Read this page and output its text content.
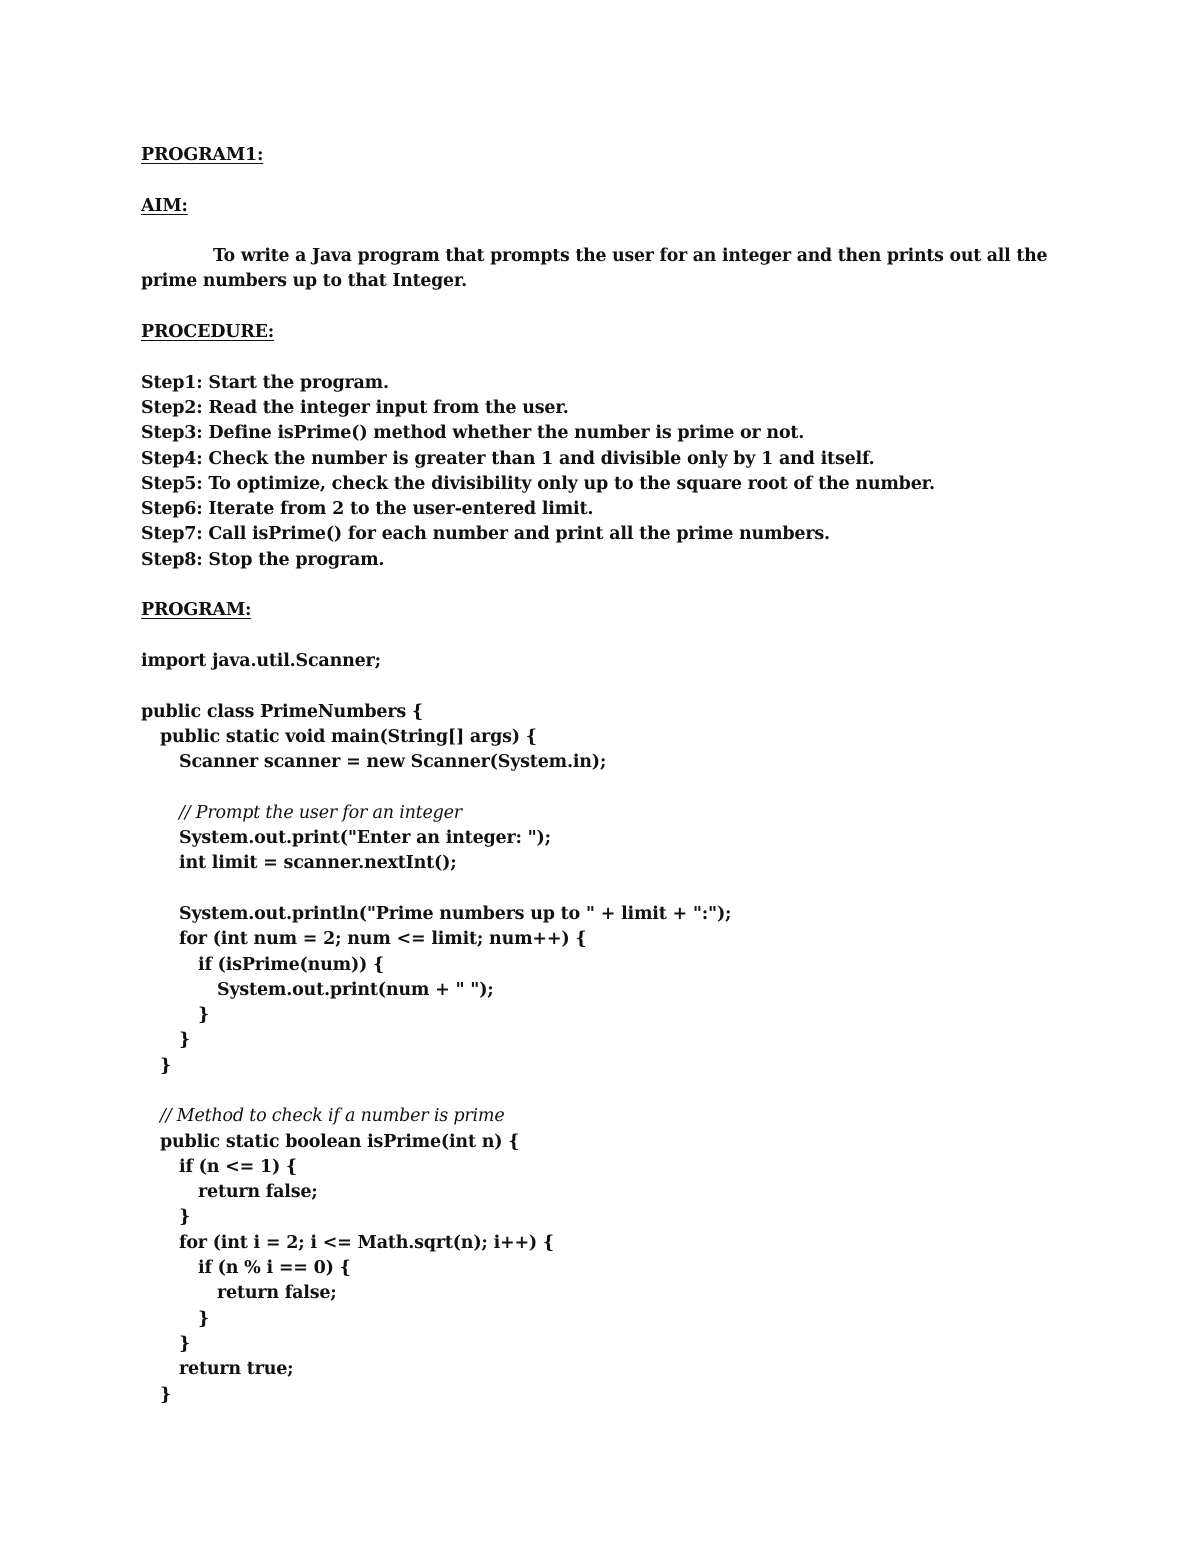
PROGRAM1:
AIM:
To write a Java program that prompts the user for an integer and then prints out all the prime numbers up to that Integer.
PROCEDURE:
Step1: Start the program.
Step2: Read the integer input from the user.
Step3: Define isPrime() method whether the number is prime or not.
Step4: Check the number is greater than 1 and divisible only by 1 and itself.
Step5: To optimize, check the divisibility only up to the square root of the number.
Step6: Iterate from 2 to the user-entered limit.
Step7: Call isPrime() for each number and print all the prime numbers.
Step8: Stop the program.
PROGRAM:
import java.util.Scanner;
public class PrimeNumbers {
public static void main(String[] args) {
Scanner scanner = new Scanner(System.in);
// Prompt the user for an integer
System.out.print("Enter an integer: ");
int limit = scanner.nextInt();
System.out.println("Prime numbers up to " + limit + ":");
for (int num = 2; num <= limit; num++) {
if (isPrime(num)) {
System.out.print(num + " ");
}
}
}
// Method to check if a number is prime
public static boolean isPrime(int n) {
if (n <= 1) {
return false;
}
for (int i = 2; i <= Math.sqrt(n); i++) {
if (n % i == 0) {
return false;
}
}
return true;
}
